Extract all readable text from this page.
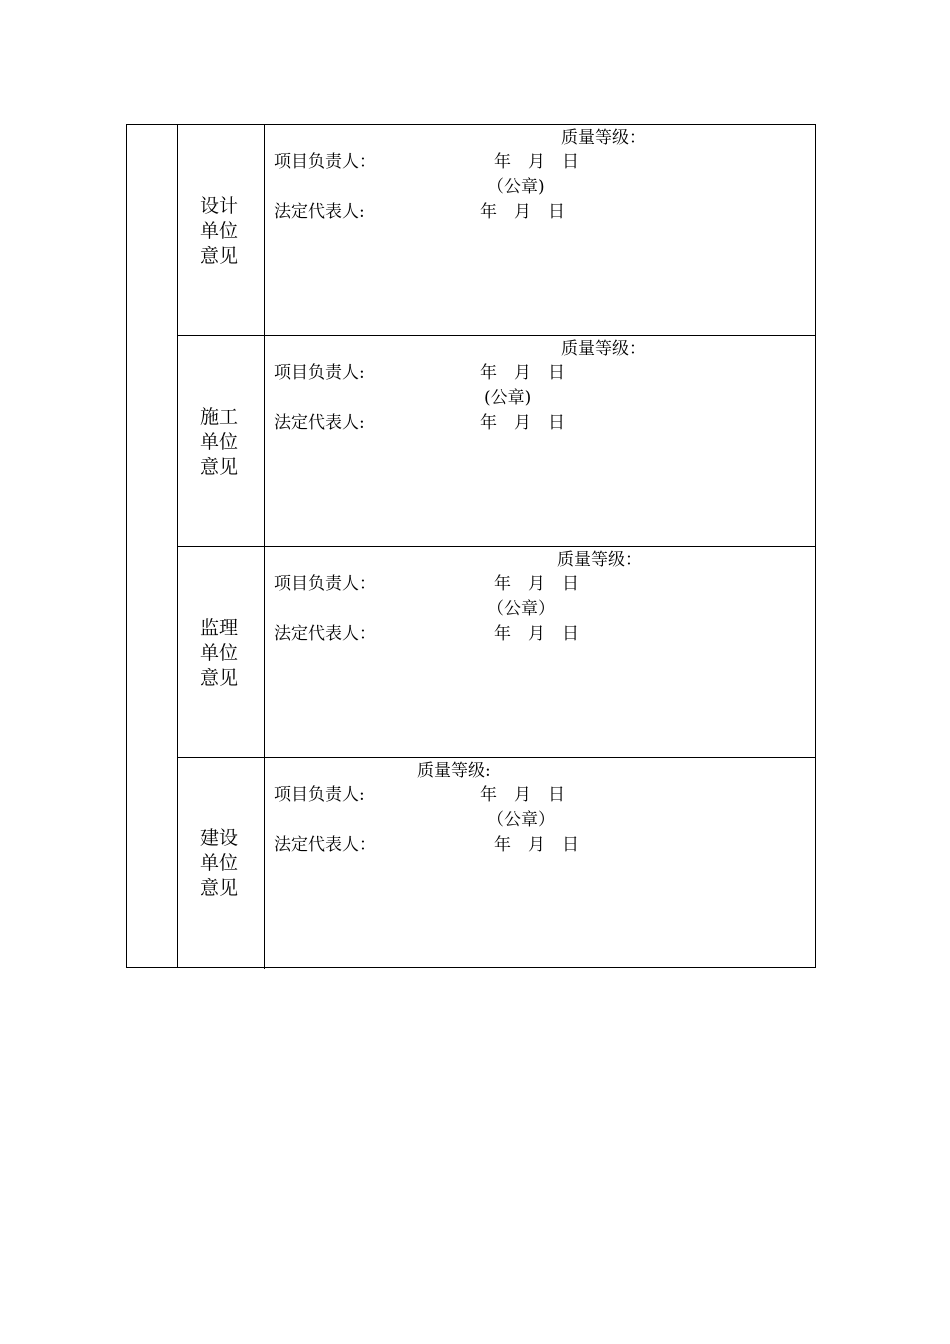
设计
单位
意见
质量等级：
项目负责人：	年　月　日
（公章)
法定代表人:	年　月　日
施工
单位
意见
质量等级：
项目负责人:	年　月　日
(公章)
法定代表人:	年　月　日
监理
单位
意见
质量等级：
项目负责人：	年　月　日
（公章）
法定代表人：	年　月　日
建设
单位
意见
质量等级:
项目负责人:	年　月　日
（公章）
法定代表人：	年　月　日
